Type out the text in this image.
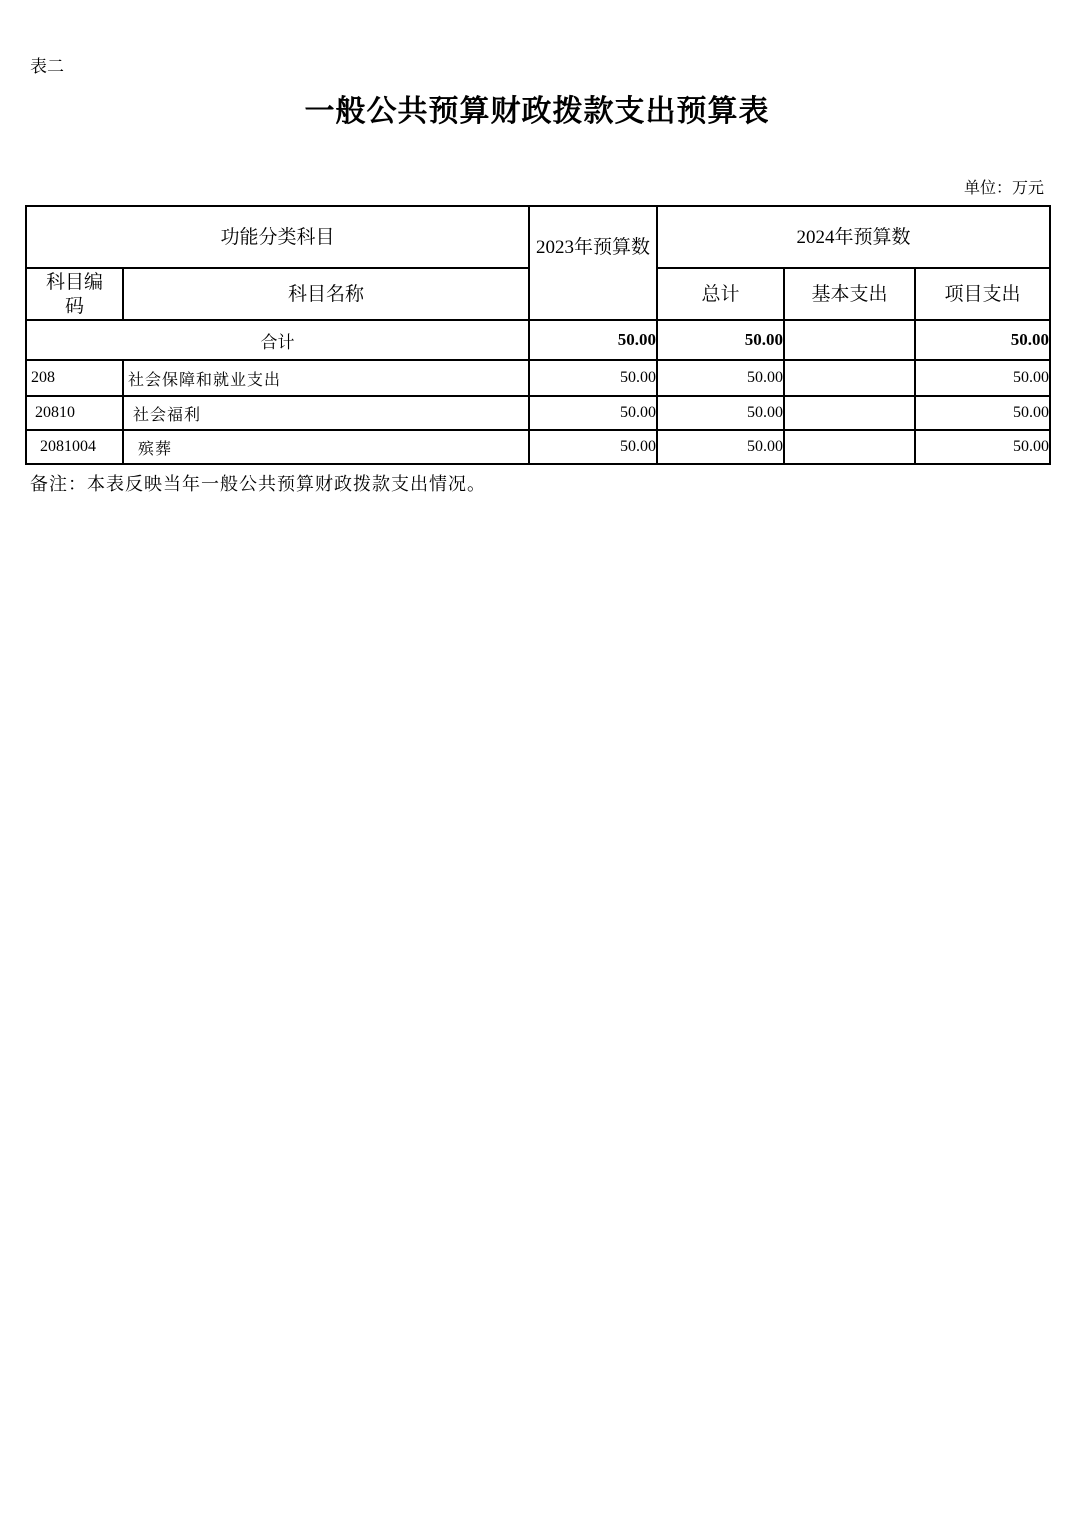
表二
一般公共预算财政拨款支出预算表
单位：万元
功能分类科目		2023年预算数	2024年预算数		
科目编码	科目名称		总计	基本支出	项目支出
合计		50.00	50.00		50.00
208	社会保障和就业支出	50.00	50.00		50.00
20810	社会福利	50.00	50.00		50.00
2081004	殡葬	50.00	50.00		50.00
备注：本表反映当年一般公共预算财政拨款支出情况。
